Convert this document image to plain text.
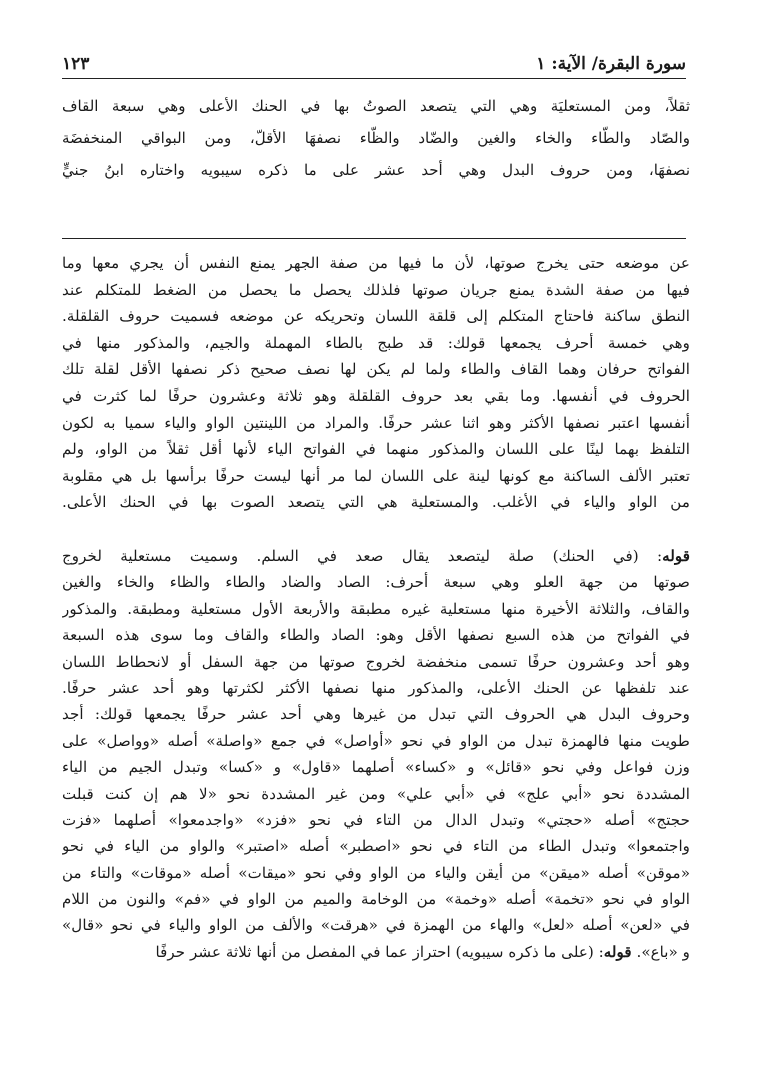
سورة البقرة/ الآية: ١
١٢٣
ثقلاً، ومن المستعليَة وهي التي يتصعد الصوتُ بها في الحنك الأعلى وهي سبعة القاف
والصّاد والطّاء والخاء والغين والضّاد والظّاء نصفهَا الأقلّ، ومن البواقي المنخفضَة
نصفهَا، ومن حروف البدل وهي أحد عشر على ما ذكره سيبويه واختاره ابنُ جنيٍّ
عن موضعه حتى يخرج صوتها، لأن ما فيها من صفة الجهر يمنع النفس أن يجري معها وما
فيها من صفة الشدة يمنع جريان صوتها فلذلك يحصل ما يحصل من الضغط للمتكلم عند
النطق ساكنة فاحتاج المتكلم إلى قلقة اللسان وتحريكه عن موضعه فسميت حروف القلقلة.
وهي خمسة أحرف يجمعها قولك: قد طبج بالطاء المهملة والجيم، والمذكور منها في
الفواتح حرفان وهما القاف والطاء ولما لم يكن لها نصف صحيح ذكر نصفها الأقل لقلة تلك
الحروف في أنفسها. وما بقي بعد حروف القلقلة وهو ثلاثة وعشرون حرفًا لما كثرت في
أنفسها اعتبر نصفها الأكثر وهو اثنا عشر حرفًا. والمراد من اللينتين الواو والياء سميا به لكون
التلفظ بهما لينًا على اللسان والمذكور منهما في الفواتح الياء لأنها أقل ثقلاً من الواو، ولم
تعتبر الألف الساكنة مع كونها لينة على اللسان لما مر أنها ليست حرفًا برأسها بل هي مقلوبة
من الواو والياء في الأغلب. والمستعلية هي التي يتصعد الصوت بها في الحنك الأعلى.
قوله: (في الحنك) صلة ليتصعد يقال صعد في السلم. وسميت مستعلية لخروج
صوتها من جهة العلو وهي سبعة أحرف: الصاد والضاد والطاء والظاء والخاء والغين
والقاف، والثلاثة الأخيرة منها مستعلية غيره مطبقة والأربعة الأول مستعلية ومطبقة. والمذكور
في الفواتح من هذه السبع نصفها الأقل وهو: الصاد والطاء والقاف وما سوى هذه السبعة
وهو أحد وعشرون حرفًا تسمى منخفضة لخروج صوتها من جهة السفل أو لانحطاط اللسان
عند تلفظها عن الحنك الأعلى، والمذكور منها نصفها الأكثر لكثرتها وهو أحد عشر حرفًا.
وحروف البدل هي الحروف التي تبدل من غيرها وهي أحد عشر حرفًا يجمعها قولك: أجد
طويت منها فالهمزة تبدل من الواو في نحو «أواصل» في جمع «واصلة» أصله «وواصل» على
وزن فواعل وفي نحو «قائل» و «كساء» أصلهما «قاول» و «كسا» وتبدل الجيم من الياء
المشددة نحو «أبي علج» في «أبي علي» ومن غير المشددة نحو «لا هم إن كنت قبلت
حجتج» أصله «حجتي» وتبدل الدال من التاء في نحو «فزد» «واجدمعوا» أصلهما «فزت
واجتمعوا» وتبدل الطاء من التاء في نحو «اصطبر» أصله «اصتبر» والواو من الياء في نحو
«موقن» أصله «ميقن» من أيقن والياء من الواو وفي نحو «ميقات» أصله «موقات» والتاء من
الواو في نحو «تخمة» أصله «وخمة» من الوخامة والميم من الواو في «فم» والنون من اللام
في «لعن» أصله «لعل» والهاء من الهمزة في «هرقت» والألف من الواو والياء في نحو «قال»
و «باع». قوله: (على ما ذكره سيبويه) احتراز عما في المفصل من أنها ثلاثة عشر حرفًا
